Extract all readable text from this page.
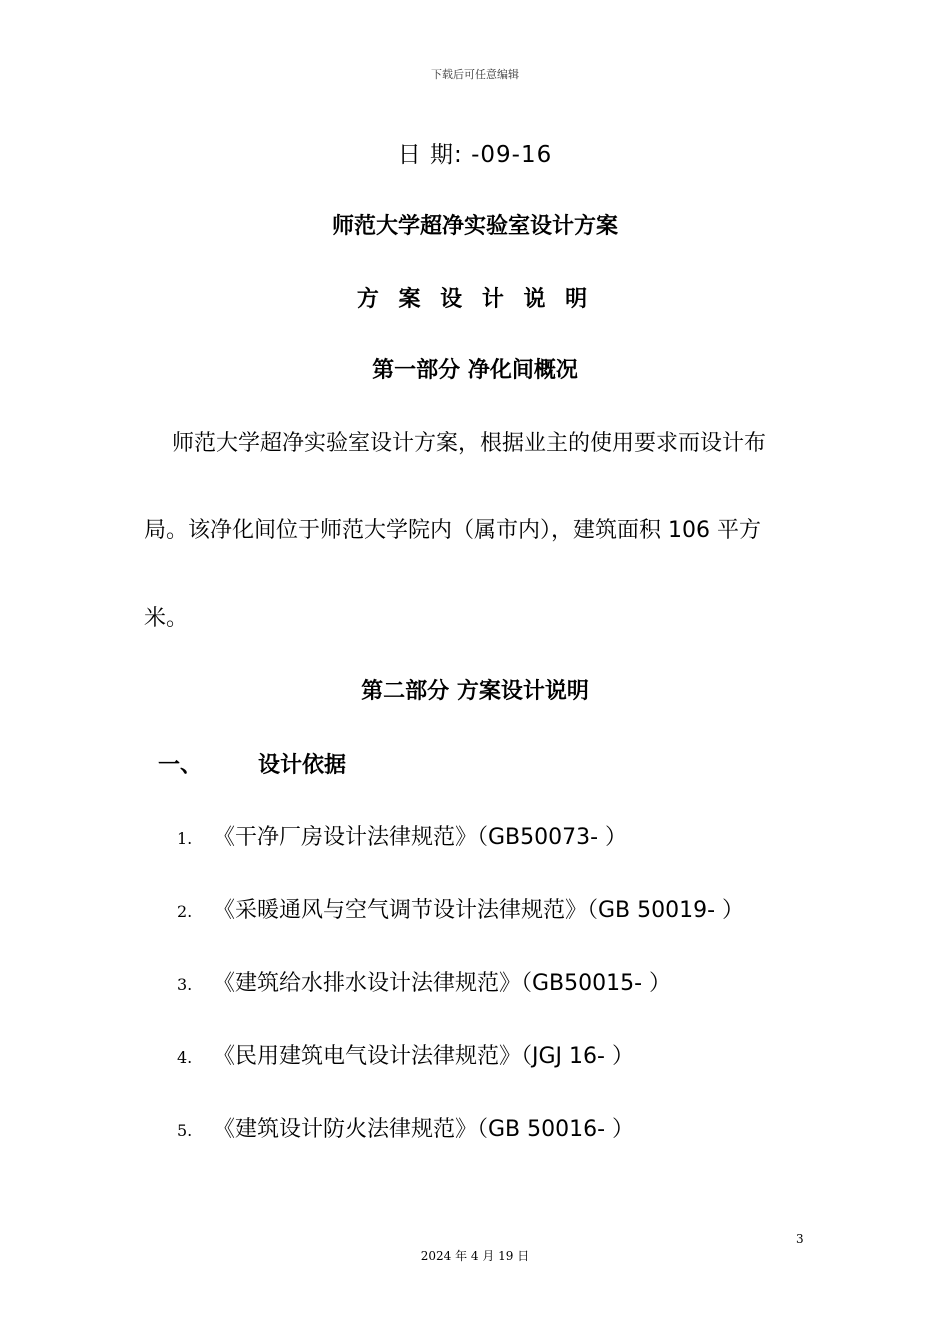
下载后可任意编辑
日 期: -09-16
师范大学超净实验室设计方案
方 案 设 计 说 明
第一部分 净化间概况
师范大学超净实验室设计方案，根据业主的使用要求而设计布
局。该净化间位于师范大学院内（属市内），建筑面积 106 平方
米。
第二部分 方案设计说明
一、	设计依据
1. 《干净厂房设计法律规范》（GB50073- ）
2. 《采暖通风与空气调节设计法律规范》（GB 50019- ）
3. 《建筑给水排水设计法律规范》（GB50015- ）
4. 《民用建筑电气设计法律规范》（JGJ 16- ）
5. 《建筑设计防火法律规范》（GB 50016- ）
3
2024 年 4 月 19 日
